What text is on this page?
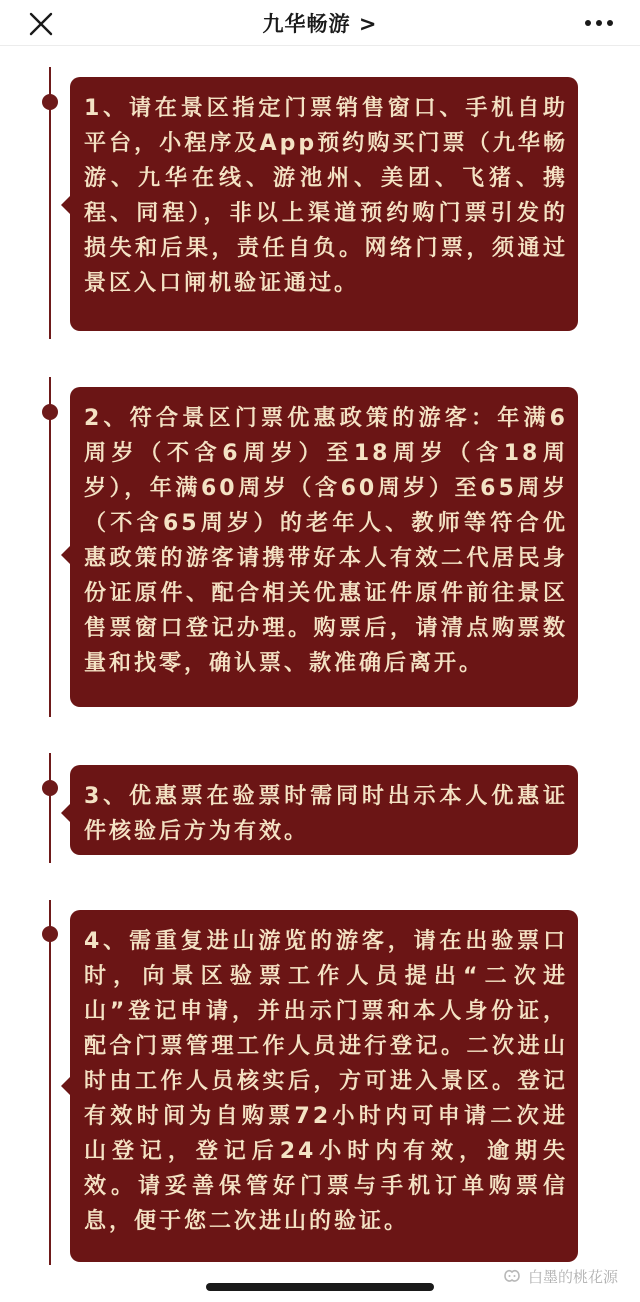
九华畅游 >
1、请在景区指定门票销售窗口、手机自助平台，小程序及App预约购买门票（九华畅游、九华在线、游池州、美团、飞猪、携程、同程），非以上渠道预约购门票引发的损失和后果，责任自负。网络门票，须通过景区入口闸机验证通过。
2、符合景区门票优惠政策的游客：年满6周岁（不含6周岁）至18周岁（含18周岁），年满60周岁（含60周岁）至65周岁（不含65周岁）的老年人、教师等符合优惠政策的游客请携带好本人有效二代居民身份证原件、配合相关优惠证件原件前往景区售票窗口登记办理。购票后，请清点购票数量和找零，确认票、款准确后离开。
3、优惠票在验票时需同时出示本人优惠证件核验后方为有效。
4、需重复进山游览的游客，请在出验票口时，向景区验票工作人员提出“二次进山”登记申请，并出示门票和本人身份证，配合门票管理工作人员进行登记。二次进山时由工作人员核实后，方可进入景区。登记有效时间为自购票72小时内可申请二次进山登记，登记后24小时内有效，逾期失效。请妥善保管好门票与手机订单购票信息，便于您二次进山的验证。
白墨的桃花源
